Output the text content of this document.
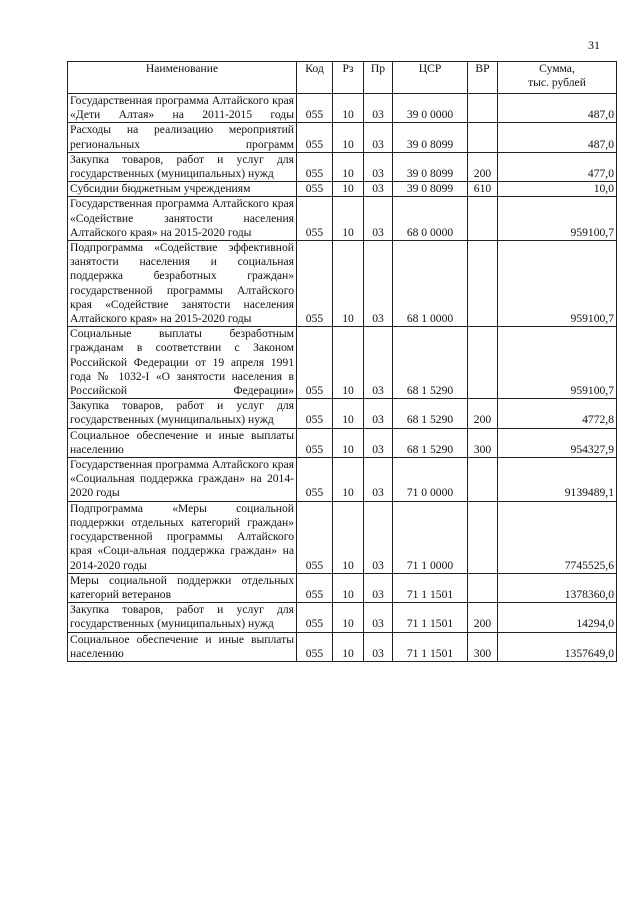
31
Наименование	Код	Рз	Пр	ЦСР	ВР	Сумма,
тыс. рублей

Государственная программа Алтайского края «Дети Алтая» на 2011-2015 годы	055	10	03	39 0 0000		487,0
Расходы на реализацию мероприятий региональных программ	055	10	03	39 0 8099		487,0
Закупка товаров, работ и услуг для государственных (муниципальных) нужд	055	10	03	39 0 8099	200	477,0
Субсидии бюджетным учреждениям	055	10	03	39 0 8099	610	10,0
Государственная программа Алтайского края «Содействие занятости населения Алтайского края» на 2015-2020 годы	055	10	03	68 0 0000		959100,7
Подпрограмма «Содействие эффективной занятости населения и социальная поддержка безработных граждан» государственной программы Алтайского края «Содействие занятости населения Алтайского края» на 2015-2020 годы	055	10	03	68 1 0000		959100,7
Социальные выплаты безработным гражданам в соответствии с Законом Российской Федерации от 19 апреля 1991 года № 1032-I «О занятости населения в Российской Федерации»	055	10	03	68 1 5290		959100,7
Закупка товаров, работ и услуг для государственных (муниципальных) нужд	055	10	03	68 1 5290	200	4772,8
Социальное обеспечение и иные выплаты населению	055	10	03	68 1 5290	300	954327,9
Государственная программа Алтайского края «Социальная поддержка граждан» на 2014-2020 годы	055	10	03	71 0 0000		9139489,1
Подпрограмма «Меры социальной поддержки отдельных категорий граждан» государственной программы Алтайского края «Соци-альная поддержка граждан» на 2014-2020 годы	055	10	03	71 1 0000		7745525,6
Меры социальной поддержки отдельных категорий ветеранов	055	10	03	71 1 1501		1378360,0
Закупка товаров, работ и услуг для государственных (муниципальных) нужд	055	10	03	71 1 1501	200	14294,0
Социальное обеспечение и иные выплаты населению	055	10	03	71 1 1501	300	1357649,0
